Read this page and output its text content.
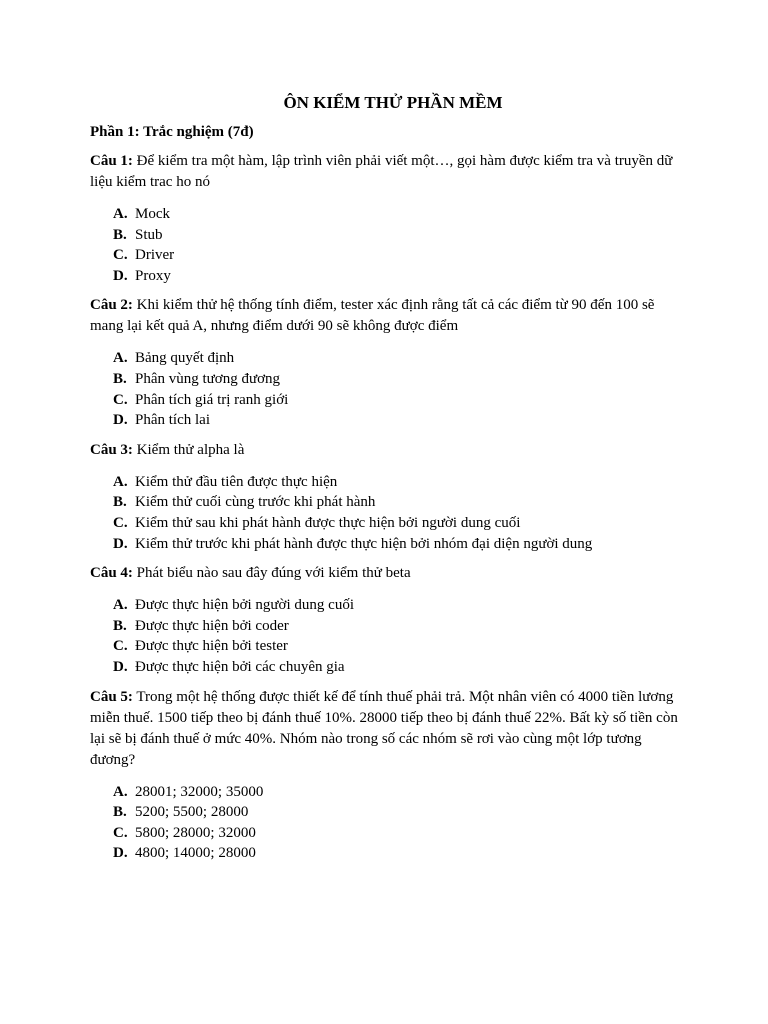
ÔN KIỂM THỬ PHẦN MỀM

Phần 1: Trắc nghiệm (7đ)

Câu 1: Để kiểm tra một hàm, lập trình viên phải viết một…, gọi hàm được kiểm tra và truyền dữ liệu kiểm trac ho nó

A. Mock
B. Stub
C. Driver
D. Proxy

Câu 2: Khi kiểm thử hệ thống tính điểm, tester xác định rằng tất cả các điểm từ 90 đến 100 sẽ mang lại kết quả A, nhưng điểm dưới 90 sẽ không được điểm

A. Bảng quyết định
B. Phân vùng tương đương
C. Phân tích giá trị ranh giới
D. Phân tích lai

Câu 3: Kiểm thử alpha là

A. Kiểm thử đầu tiên được thực hiện
B. Kiểm thử cuối cùng trước khi phát hành
C. Kiểm thử sau khi phát hành được thực hiện bởi người dung cuối
D. Kiểm thử trước khi phát hành được thực hiện bởi nhóm đại diện người dung

Câu 4: Phát biểu nào sau đây đúng với kiểm thử beta

A. Được thực hiện bởi người dung cuối
B. Được thực hiện bởi coder
C. Được thực hiện bởi tester
D. Được thực hiện bởi các chuyên gia

Câu 5: Trong một hệ thống được thiết kế để tính thuế phải trả. Một nhân viên có 4000 tiền lương miễn thuế. 1500 tiếp theo bị đánh thuế 10%. 28000 tiếp theo bị đánh thuế 22%. Bất kỳ số tiền còn lại sẽ bị đánh thuế ở mức 40%. Nhóm nào trong số các nhóm sẽ rơi vào cùng một lớp tương đương?

A. 28001; 32000; 35000
B. 5200; 5500; 28000
C. 5800; 28000; 32000
D. 4800; 14000; 28000
